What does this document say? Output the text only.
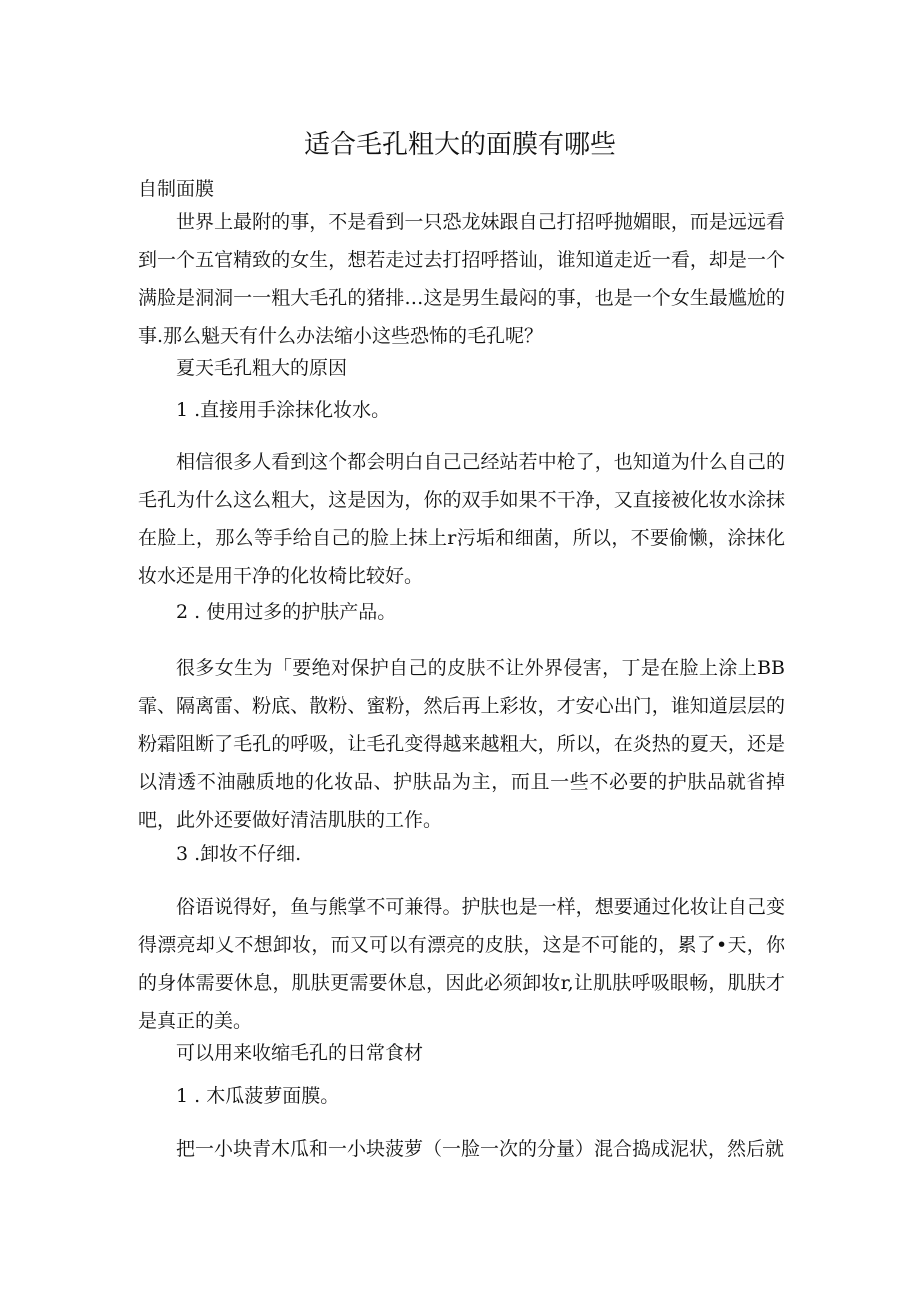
适合毛孔粗大的面膜有哪些
自制面膜
世界上最附的事，不是看到一只恐龙妹跟自己打招呼抛媚眼，而是远远看到一个五官精致的女生，想若走过去打招呼搭讪，谁知道走近一看，却是一个满脸是洞洞一一粗大毛孔的猪排…这是男生最闷的事，也是一个女生最尴尬的事.那么魁天有什么办法缩小这些恐怖的毛孔呢？
夏天毛孔粗大的原因
1 .直接用手涂抹化妆水。
相信很多人看到这个都会明白自己己经站若中枪了，也知道为什么自己的毛孔为什么这么粗大，这是因为，你的双手如果不干净，又直接被化妆水涂抹在脸上，那么等手给自己的脸上抹上r污垢和细菌，所以，不要偷懒，涂抹化妆水还是用干净的化妆椅比较好。
2 . 使用过多的护肤产品。
很多女生为「要绝对保护自己的皮肤不让外界侵害，丁是在脸上涂上BB霏、隔离雷、粉底、散粉、蜜粉，然后再上彩妆，才安心出门，谁知道层层的粉霜阻断了毛孔的呼吸，让毛孔变得越来越粗大，所以，在炎热的夏天，还是以清透不油融质地的化妆品、护肤品为主，而且一些不必要的护肤品就省掉吧，此外还要做好清洁肌肤的工作。
3 .卸妆不仔细.
俗语说得好，鱼与熊掌不可兼得。护肤也是一样，想要通过化妆让自己变得漂亮却乂不想卸妆，而又可以有漂亮的皮肤，这是不可能的，累了•天，你的身体需要休息，肌肤更需要休息，因此必须卸妆r,让肌肤呼吸眼畅，肌肤才是真正的美。
可以用来收缩毛孔的日常食材
1 . 木瓜菠萝面膜。
把一小块青木瓜和一小块菠萝（一脸一次的分量）混合捣成泥状，然后就
